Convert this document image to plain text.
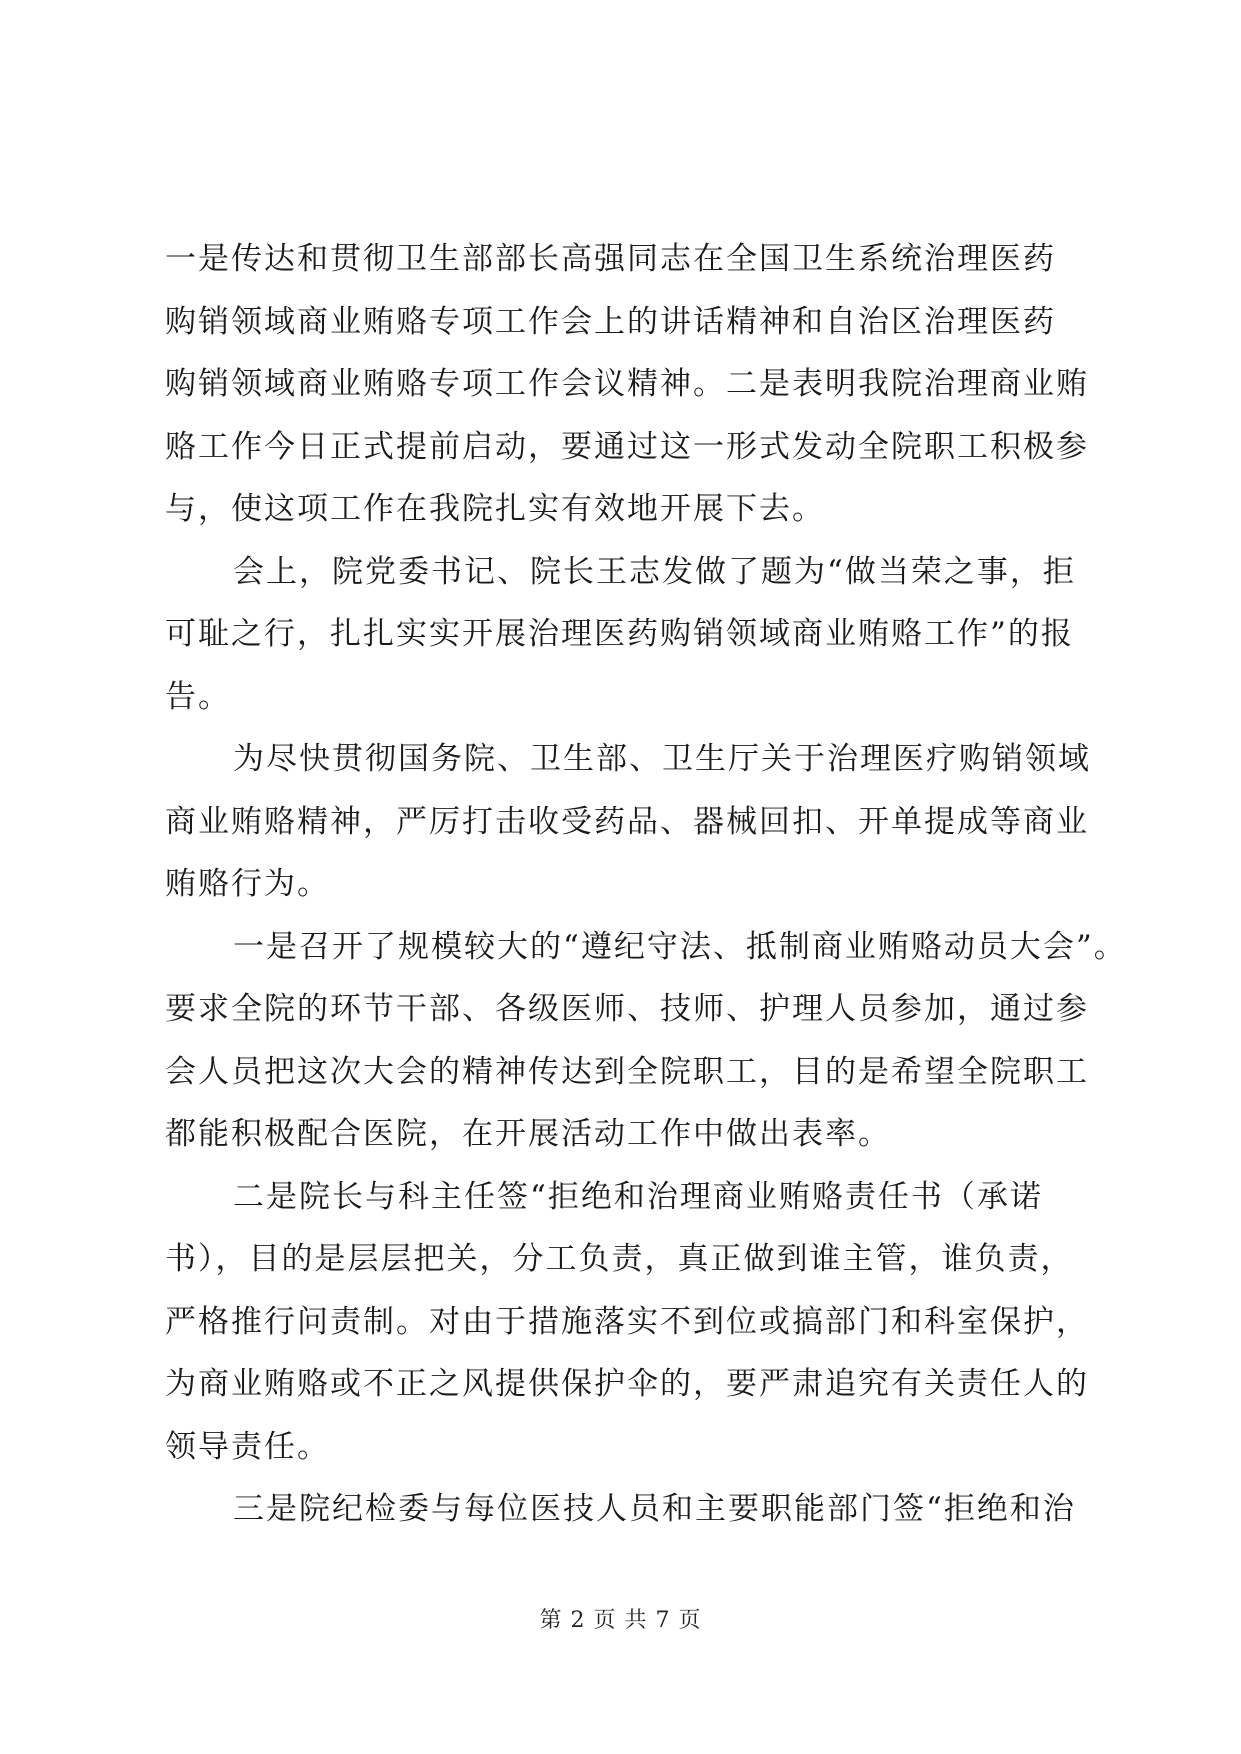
一是传达和贯彻卫生部部长高强同志在全国卫生系统治理医药
购销领域商业贿赂专项工作会上的讲话精神和自治区治理医药
购销领域商业贿赂专项工作会议精神。二是表明我院治理商业贿
赂工作今日正式提前启动，要通过这一形式发动全院职工积极参
与，使这项工作在我院扎实有效地开展下去。
会上，院党委书记、院长王志发做了题为“做当荣之事，拒
可耻之行，扎扎实实开展治理医药购销领域商业贿赂工作”的报
告。
为尽快贯彻国务院、卫生部、卫生厅关于治理医疗购销领域
商业贿赂精神，严厉打击收受药品、器械回扣、开单提成等商业
贿赂行为。
一是召开了规模较大的“遵纪守法、抵制商业贿赂动员大会”。
要求全院的环节干部、各级医师、技师、护理人员参加，通过参
会人员把这次大会的精神传达到全院职工，目的是希望全院职工
都能积极配合医院，在开展活动工作中做出表率。
二是院长与科主任签“拒绝和治理商业贿赂责任书（承诺
书），目的是层层把关，分工负责，真正做到谁主管，谁负责，
严格推行问责制。对由于措施落实不到位或搞部门和科室保护，
为商业贿赂或不正之风提供保护伞的，要严肃追究有关责任人的
领导责任。
三是院纪检委与每位医技人员和主要职能部门签“拒绝和治
第 2 页 共 7 页
